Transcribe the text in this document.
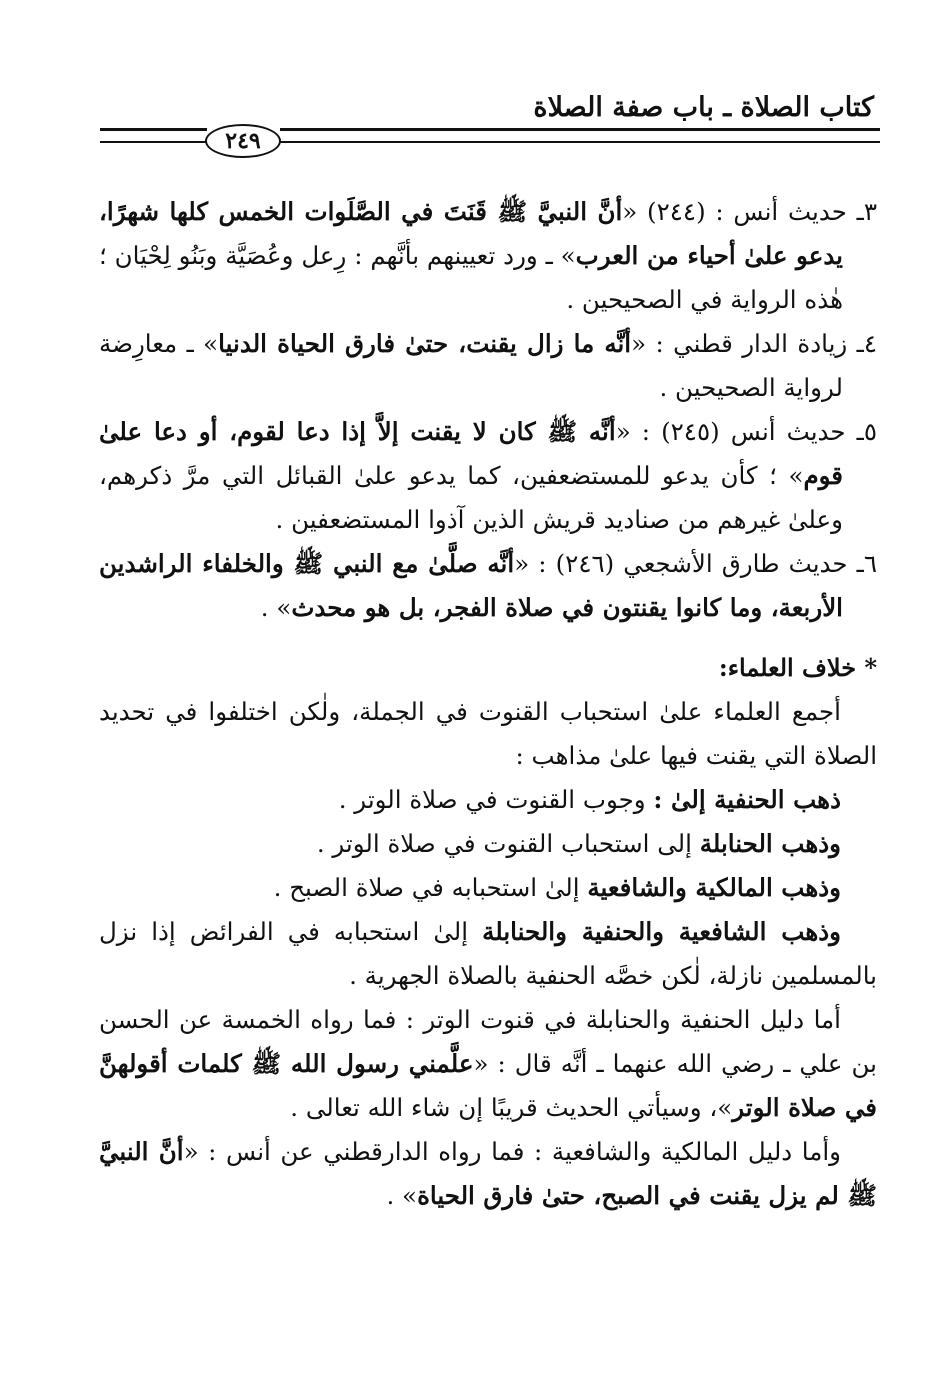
كتاب الصلاة ـ باب صفة الصلاة
٢٤٩

٣ـ حديث أنس : (٢٤٤) «أنَّ النبيَّ ﷺ قَنَتَ في الصَّلَوات الخمس كلها شهرًا، يدعو علىٰ أحياء من العرب» ـ ورد تعيينهم بأنَّهم : رِعل وعُصَيَّة وبَنُو لِحْيَان ؛ هٰذه الرواية في الصحيحين .

٤ـ زيادة الدار قطني : «أنَّه ما زال يقنت، حتىٰ فارق الحياة الدنيا» ـ معارِضة لرواية الصحيحين .

٥ـ حديث أنس (٢٤٥) : «أنَّه ﷺ كان لا يقنت إلاَّ إذا دعا لقوم، أو دعا علىٰ قوم» ؛ كأن يدعو للمستضعفين، كما يدعو علىٰ القبائل التي مرَّ ذكرهم، وعلىٰ غيرهم من صناديد قريش الذين آذوا المستضعفين .

٦ـ حديث طارق الأشجعي (٢٤٦) : «أنَّه صلَّىٰ مع النبي ﷺ والخلفاء الراشدين الأربعة، وما كانوا يقنتون في صلاة الفجر، بل هو محدث» .

* خلاف العلماء:

أجمع العلماء علىٰ استحباب القنوت في الجملة، ولٰكن اختلفوا في تحديد الصلاة التي يقنت فيها علىٰ مذاهب :

ذهب الحنفية إلىٰ : وجوب القنوت في صلاة الوتر .

وذهب الحنابلة إلى استحباب القنوت في صلاة الوتر .

وذهب المالكية والشافعية إلىٰ استحبابه في صلاة الصبح .

وذهب الشافعية والحنفية والحنابلة إلىٰ استحبابه في الفرائض إذا نزل بالمسلمين نازلة، لٰكن خصَّه الحنفية بالصلاة الجهرية .

أما دليل الحنفية والحنابلة في قنوت الوتر : فما رواه الخمسة عن الحسن بن علي ـ رضي الله عنهما ـ أنَّه قال : «علَّمني رسول الله ﷺ كلمات أقولهنَّ في صلاة الوتر»، وسيأتي الحديث قريبًا إن شاء الله تعالى .

وأما دليل المالكية والشافعية : فما رواه الدارقطني عن أنس : «أنَّ النبيَّ ﷺ لم يزل يقنت في الصبح، حتىٰ فارق الحياة» .
